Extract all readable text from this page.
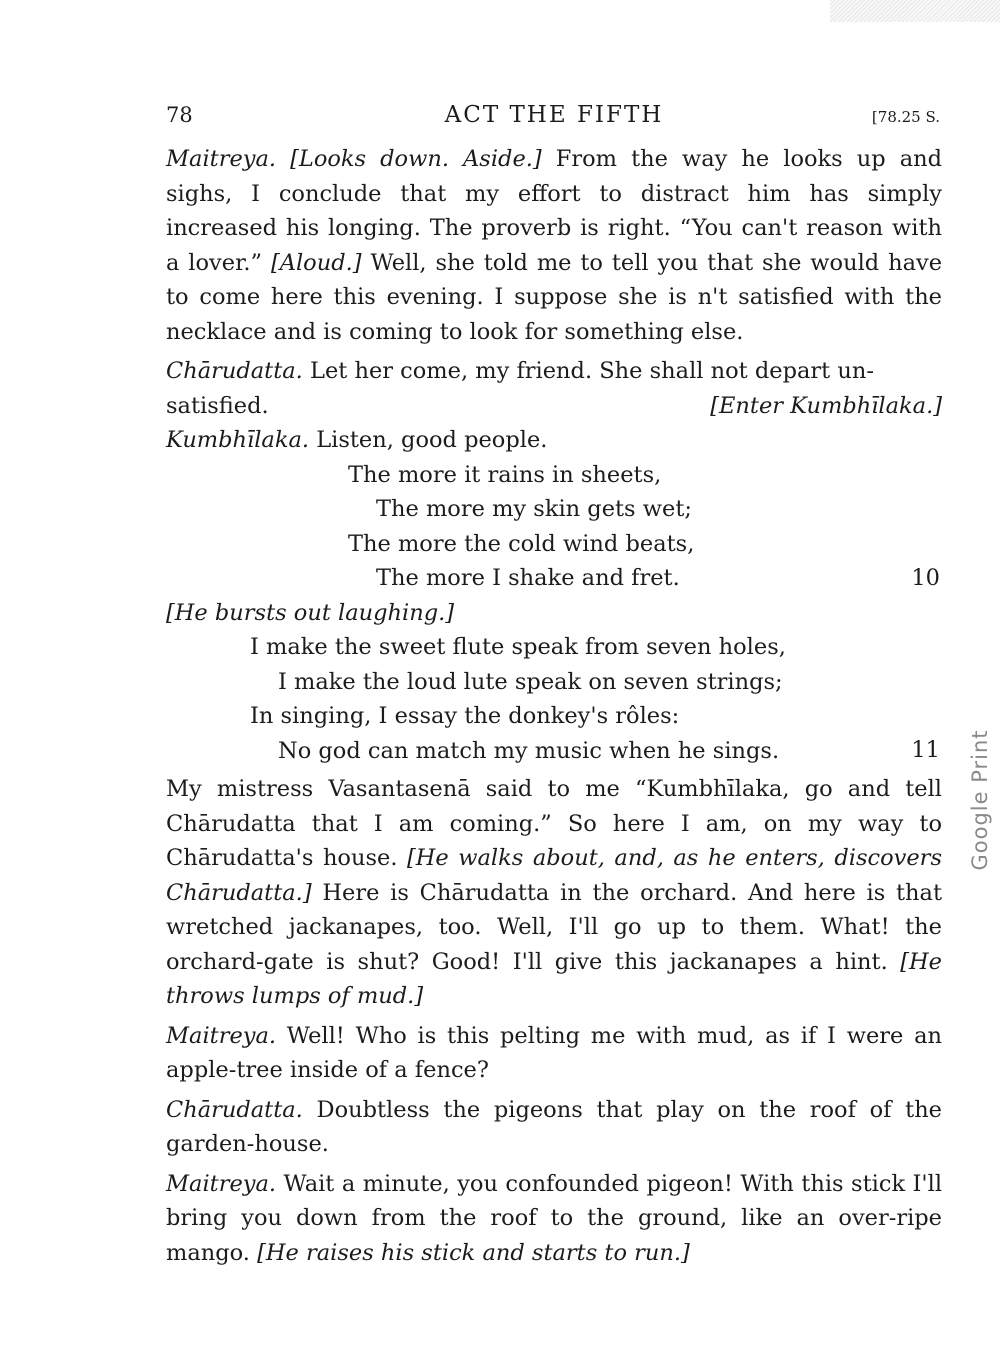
78	ACT THE FIFTH	[78.25 S.

Maitreya. [Looks down. Aside.] From the way he looks up and sighs, I conclude that my effort to distract him has simply increased his longing. The proverb is right. “You can't reason with a lover.” [Aloud.] Well, she told me to tell you that she would have to come here this evening. I suppose she is n't satisfied with the necklace and is coming to look for something else.

Chārudatta. Let her come, my friend. She shall not depart un-
satisfied.	[Enter Kumbhīlaka.]

Kumbhīlaka. Listen, good people.

The more it rains in sheets,
The more my skin gets wet;
The more the cold wind beats,
The more I shake and fret.	10
[He bursts out laughing.]
I make the sweet flute speak from seven holes,
I make the loud lute speak on seven strings;
In singing, I essay the donkey's rôles:
No god can match my music when he sings.	11

My mistress Vasantasenā said to me “Kumbhīlaka, go and tell Chārudatta that I am coming.” So here I am, on my way to Chārudatta's house. [He walks about, and, as he enters, discovers Chārudatta.] Here is Chārudatta in the orchard. And here is that wretched jackanapes, too. Well, I'll go up to them. What! the orchard-gate is shut? Good! I'll give this jackanapes a hint. [He throws lumps of mud.]

Maitreya. Well! Who is this pelting me with mud, as if I were an apple-tree inside of a fence?

Chārudatta. Doubtless the pigeons that play on the roof of the garden-house.

Maitreya. Wait a minute, you confounded pigeon! With this stick I'll bring you down from the roof to the ground, like an over-ripe mango. [He raises his stick and starts to run.]

Google Print
